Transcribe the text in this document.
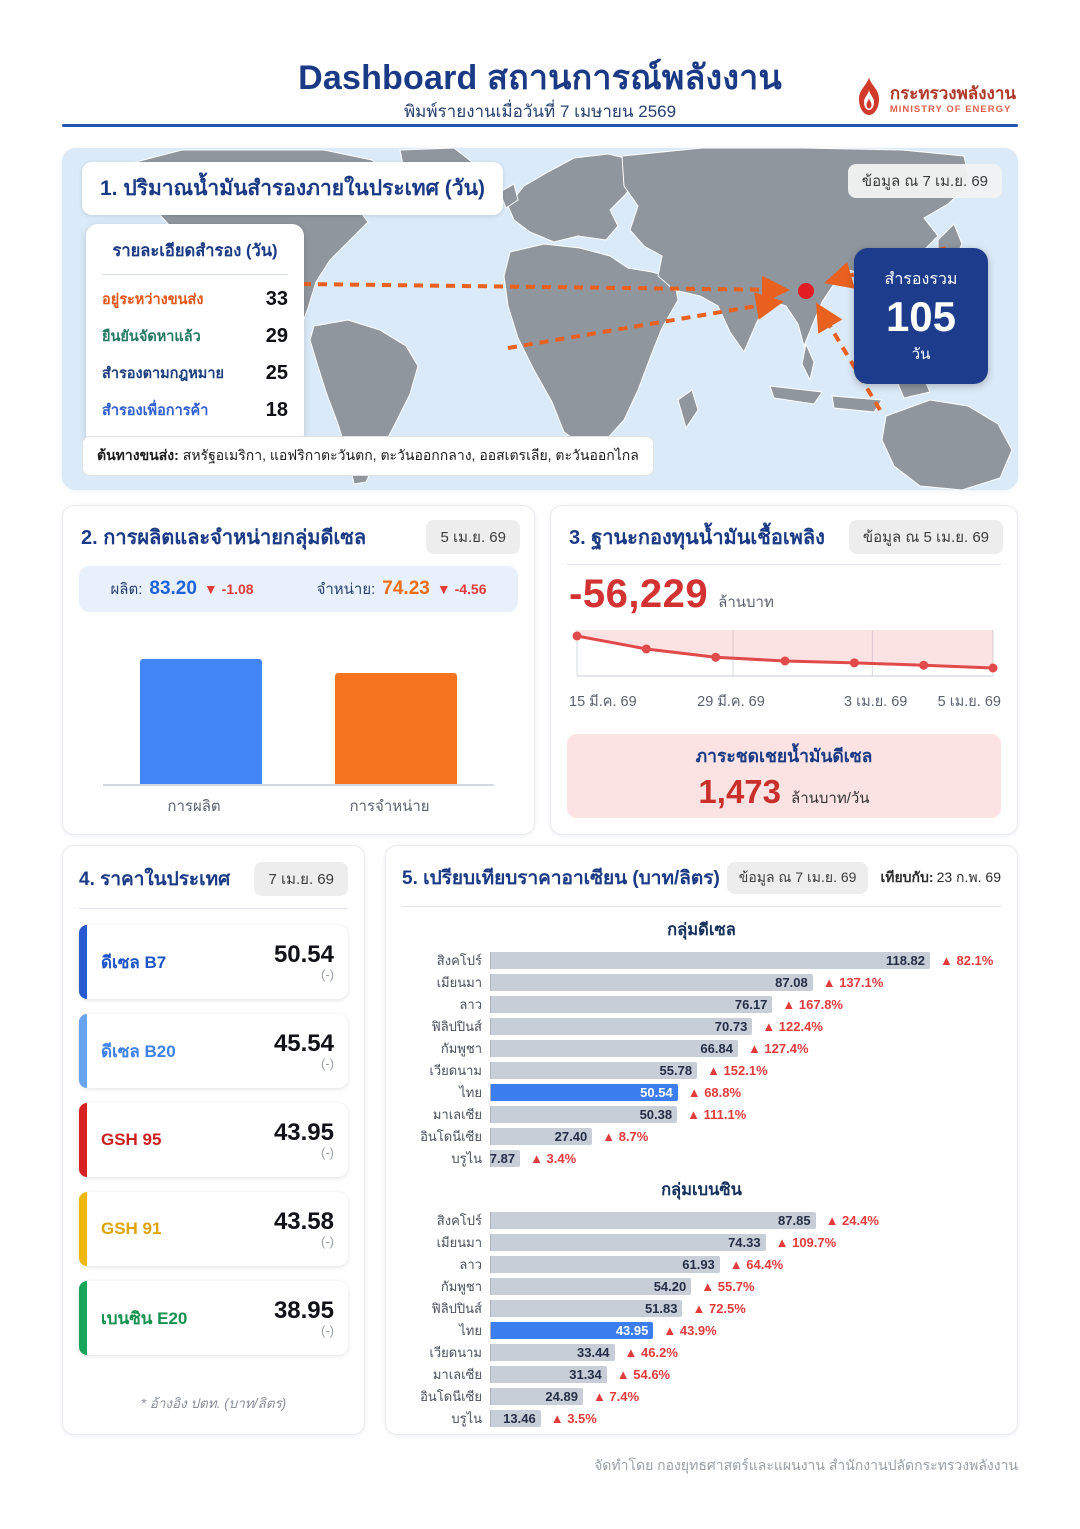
Dashboard สถานการณ์พลังงาน
พิมพ์รายงานเมื่อวันที่ 7 เมษายน 2569
กระทรวงพลังงาน
MINISTRY OF ENERGY
1. ปริมาณน้ำมันสำรองภายในประเทศ (วัน)	ข้อมูล ณ 7 เม.ย. 69
รายละเอียดสำรอง (วัน)
อยู่ระหว่างขนส่ง	33
ยืนยันจัดหาแล้ว	29
สำรองตามกฎหมาย 25
สำรองเพื่อการค้า	18
สำรองรวม
105
วัน
ต้นทางขนส่ง: สหรัฐอเมริกา, แอฟริกาตะวันตก, ตะวันออกกลาง, ออสเตรเลีย, ตะวันออกไกล
2. การผลิตและจำหน่ายกลุ่มดีเซล	5 เม.ย. 69
ผลิต: 83.20 ▼ -1.08	จำหน่าย: 74.23 ▼ -4.56
การผลิต	การจำหน่าย
3. ฐานะกองทุนน้ำมันเชื้อเพลิง	ข้อมูล ณ 5 เม.ย. 69
-56,229 ล้านบาท
15 มี.ค. 69	29 มี.ค. 69	3 เม.ย. 69 5 เม.ย. 69
ภาระชดเชยน้ำมันดีเซล
1,473 ล้านบาท/วัน
4. ราคาในประเทศ	7 เม.ย. 69
ดีเซล B7	50.54
(-)
ดีเซล B20	45.54
(-)
GSH 95	43.95
(-)
GSH 91	43.58
(-)
เบนซิน E20	38.95
(-)
* อ้างอิง ปตท. (บาท/ลิตร)
5. เปรียบเทียบราคาอาเซียน (บาท/ลิตร)	ข้อมูล ณ 7 เม.ย. 69	เทียบกับ: 23 ก.พ. 69
กลุ่มดีเซล
สิงคโปร์	118.82 ▲ 82.1%
เมียนมา	87.08 ▲ 137.1%
ลาว	76.17 ▲ 167.8%
ฟิลิปปินส์	70.73 ▲ 122.4%
กัมพูชา	66.84 ▲ 127.4%
เวียดนาม	55.78 ▲ 152.1%
ไทย	50.54 ▲ 68.8%
มาเลเซีย	50.38 ▲ 111.1%
อินโดนีเซีย	27.40 ▲ 8.7%
บรูไน 7.87 ▲ 3.4%
กลุ่มเบนซิน
สิงคโปร์	87.85 ▲ 24.4%
เมียนมา	74.33 ▲ 109.7%
ลาว	61.93 ▲ 64.4%
กัมพูชา	54.20 ▲ 55.7%
ฟิลิปปินส์	51.83 ▲ 72.5%
ไทย	43.95 ▲ 43.9%
เวียดนาม	33.44 ▲ 46.2%
มาเลเซีย	31.34 ▲ 54.6%
อินโดนีเซีย	24.89 ▲ 7.4%
บรูไน 13.46 ▲ 3.5%
จัดทำโดย กองยุทธศาสตร์และแผนงาน สำนักงานปลัดกระทรวงพลังงาน
